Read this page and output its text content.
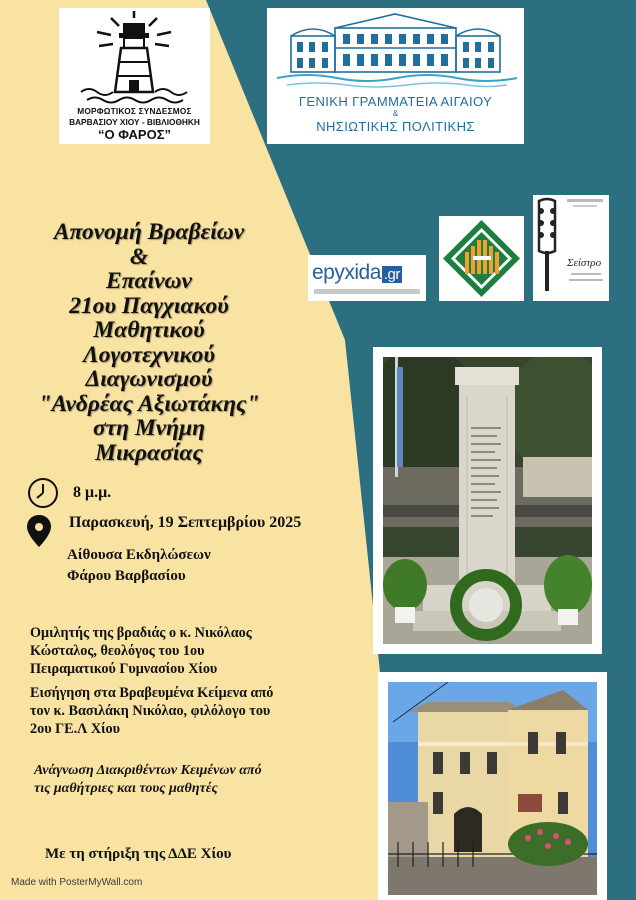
ΜΟΡΦΩΤΙΚΟΣ ΣΥΝΔΕΣΜΟΣ
ΒΑΡΒΑΣΙΟΥ ΧΙΟΥ - ΒΙΒΛΙΟΘΗΚΗ
“Ο ΦΑΡΟΣ”
ΓΕΝΙΚΗ ΓΡΑΜΜΑΤΕΙΑ ΑΙΓΑΙΟΥ
&
ΝΗΣΙΩΤΙΚΗΣ ΠΟΛΙΤΙΚΗΣ
epyxida .gr
Σείστρο
Απονομή Βραβείων
&
Επαίνων
21ου Παγχιακού
Μαθητικού
Λογοτεχνικού
Διαγωνισμού
"Ανδρέας Αξιωτάκης"
στη Μνήμη
Μικρασίας
8 μ.μ.
Παρασκευή, 19 Σεπτεμβρίου 2025
Αίθουσα Εκδηλώσεων
Φάρου Βαρβασίου
Ομιλητής της βραδιάς ο κ. Νικόλαος
Κώσταλος, θεολόγος του 1ου
Πειραματικού Γυμνασίου Χίου
Εισήγηση στα Βραβευμένα Κείμενα από
τον κ. Βασιλάκη Νικόλαο, φιλόλογο του
2ου ΓΕ.Λ Χίου
Ανάγνωση Διακριθέντων Κειμένων από
τις μαθήτριες και τους μαθητές
Με τη στήριξη της ΔΔΕ Χίου
Made with PosterMyWall.com
